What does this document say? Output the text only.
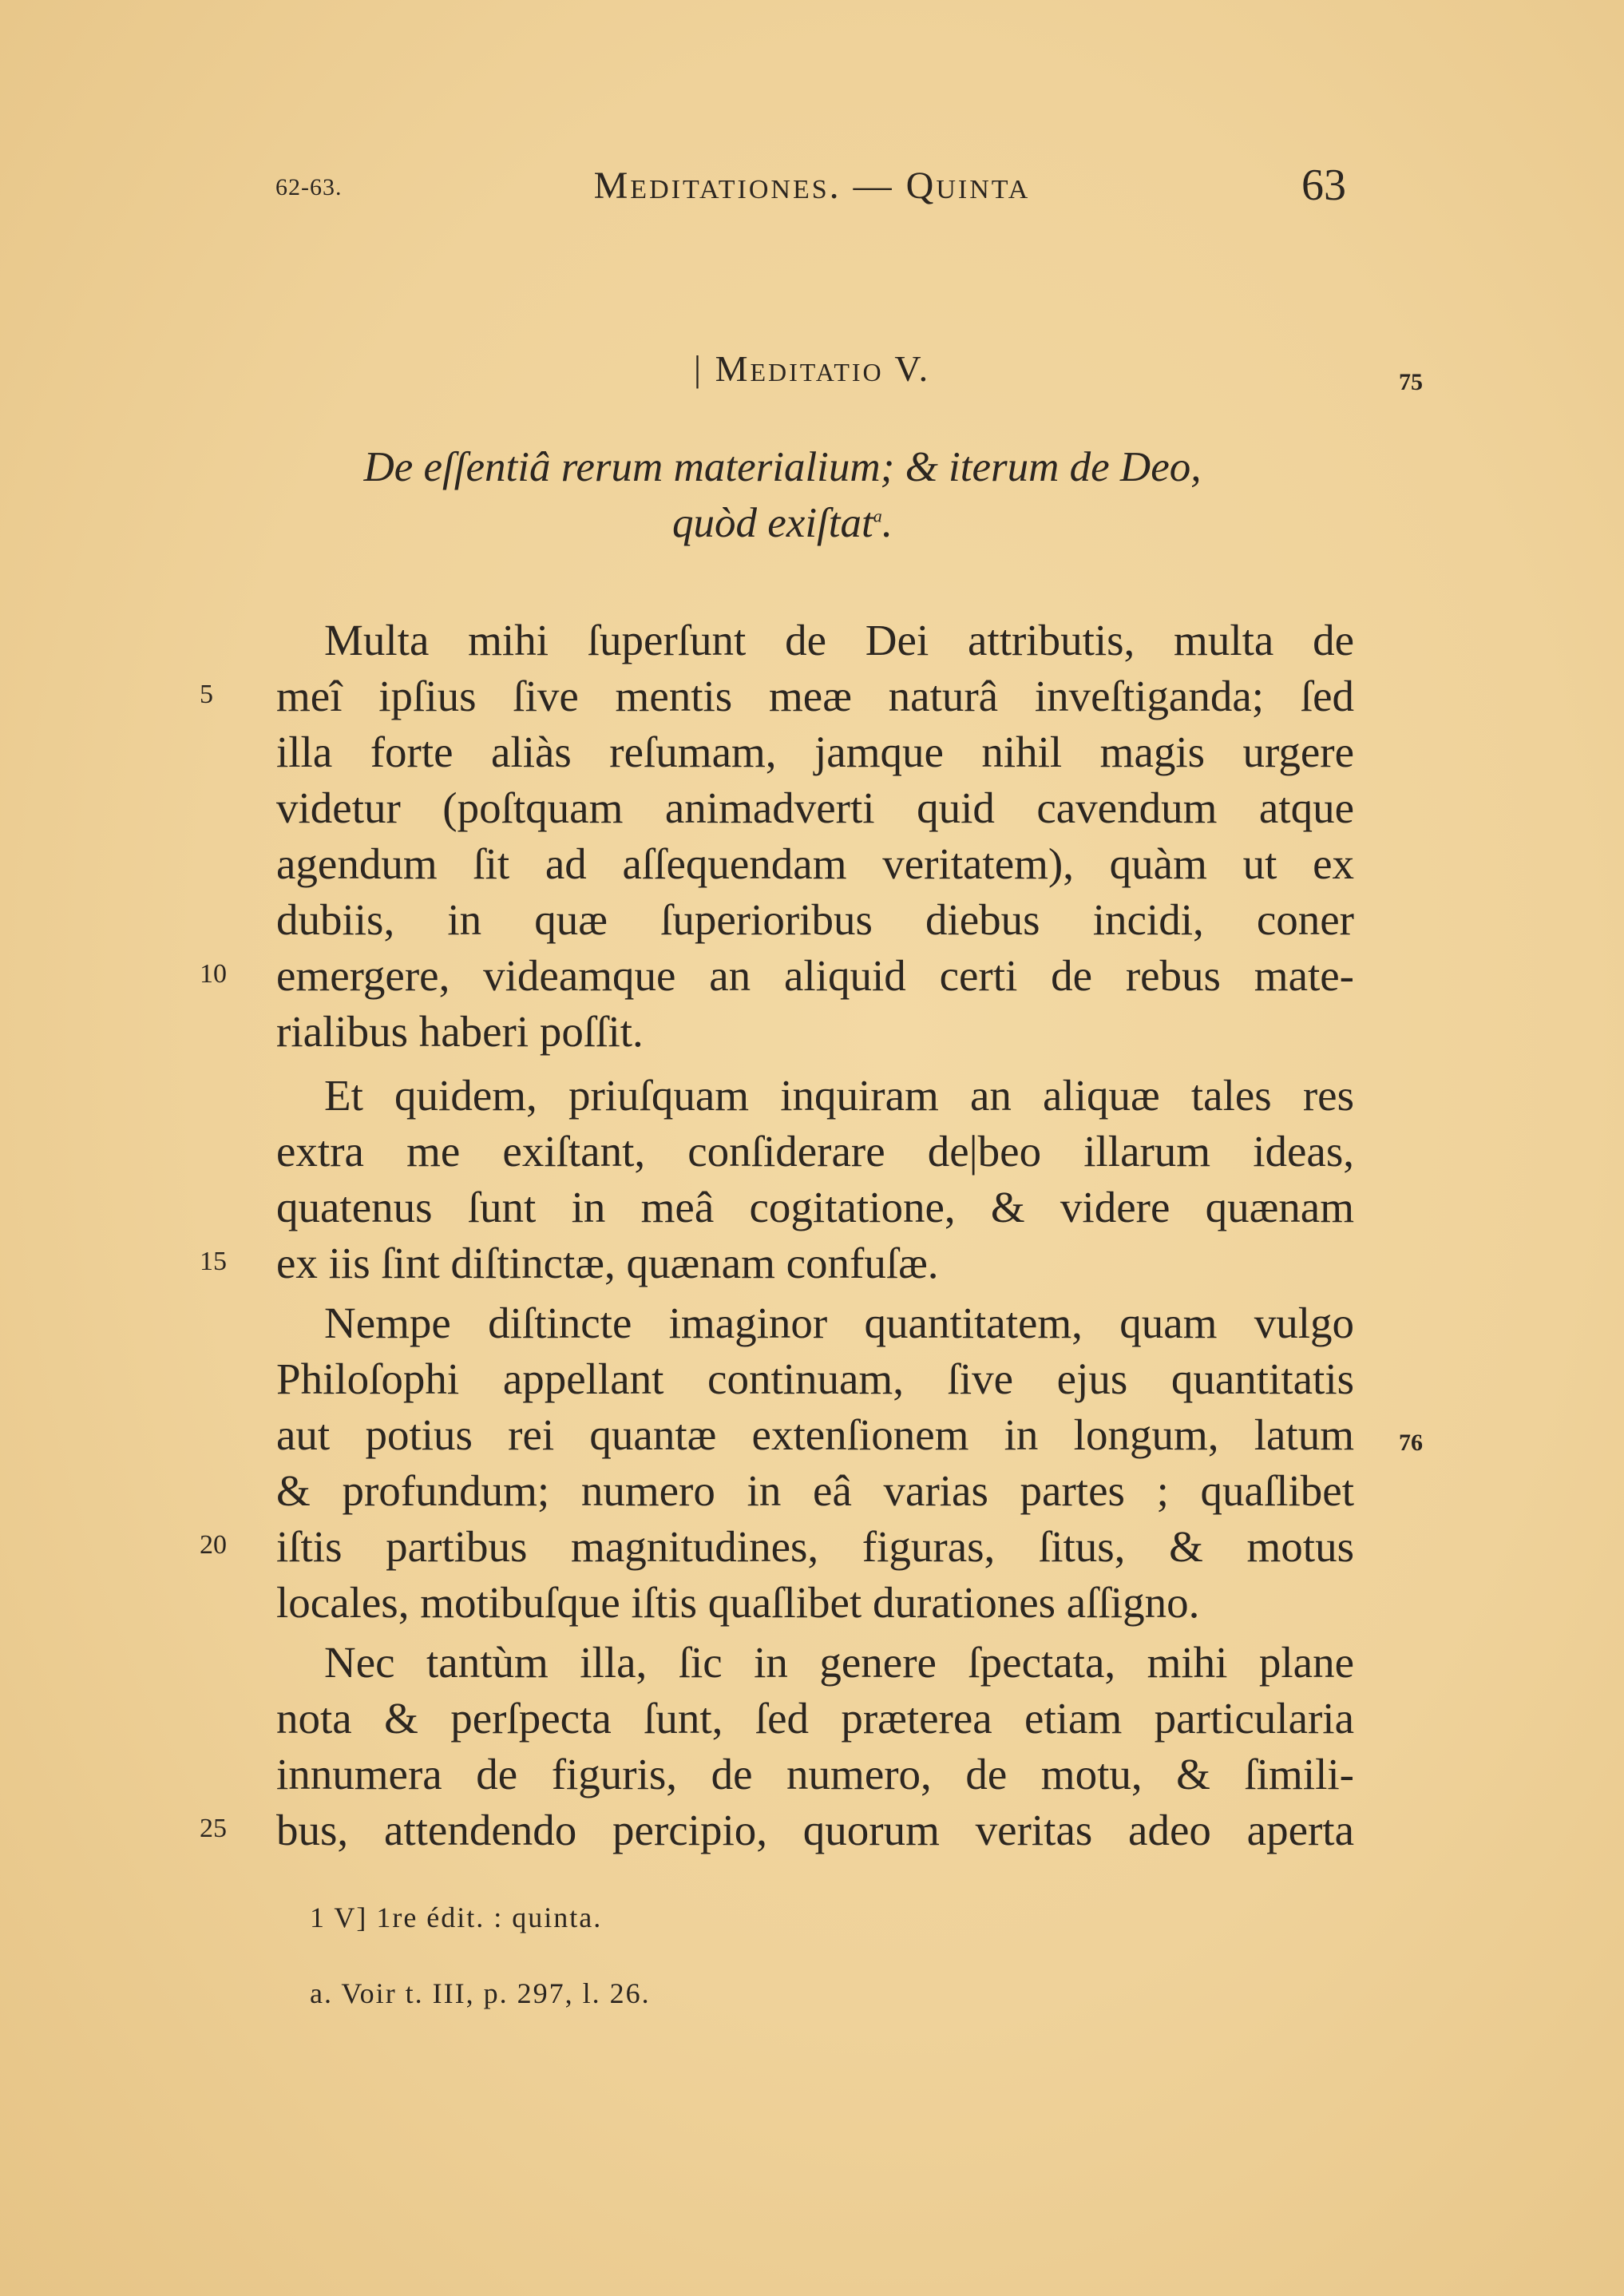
62-63.	Meditationes. — Quinta	63
| Meditatio V.	75
De eſſentiâ rerum materialium; & iterum de Deo,
quòd exiſtat$^a$.
Multa mihi ſuperſunt de Dei attributis, multa de
meî ipſius ſive mentis meæ naturâ inveſtiganda; ſed
illa forte aliàs reſumam, jamque nihil magis urgere
videtur (poſtquam animadverti quid cavendum atque
agendum ſit ad aſſequendam veritatem), quàm ut ex
dubiis, in quæ ſuperioribus diebus incidi, coner
emergere, videamque an aliquid certi de rebus mate-
rialibus haberi poſſit.
Et quidem, priuſquam inquiram an aliquæ tales res
extra me exiſtant, conſiderare de|beo illarum ideas,
quatenus ſunt in meâ cogitatione, & videre quænam
ex iis ſint diſtinctæ, quænam confuſæ.
Nempe diſtincte imaginor quantitatem, quam vulgo
Philoſophi appellant continuam, ſive ejus quantitatis
aut potius rei quantæ extenſionem in longum, latum
& profundum; numero in eâ varias partes ; quaſlibet
iſtis partibus magnitudines, figuras, ſitus, & motus
locales, motibuſque iſtis quaſlibet durationes aſſigno.
Nec tantùm illa, ſic in genere ſpectata, mihi plane
nota & perſpecta ſunt, ſed præterea etiam particularia
innumera de figuris, de numero, de motu, & ſimili-
bus, attendendo percipio, quorum veritas adeo aperta
5
10
15
20
25
76
1 V] 1re édit. : quinta.
a. Voir t. III, p. 297, l. 26.
